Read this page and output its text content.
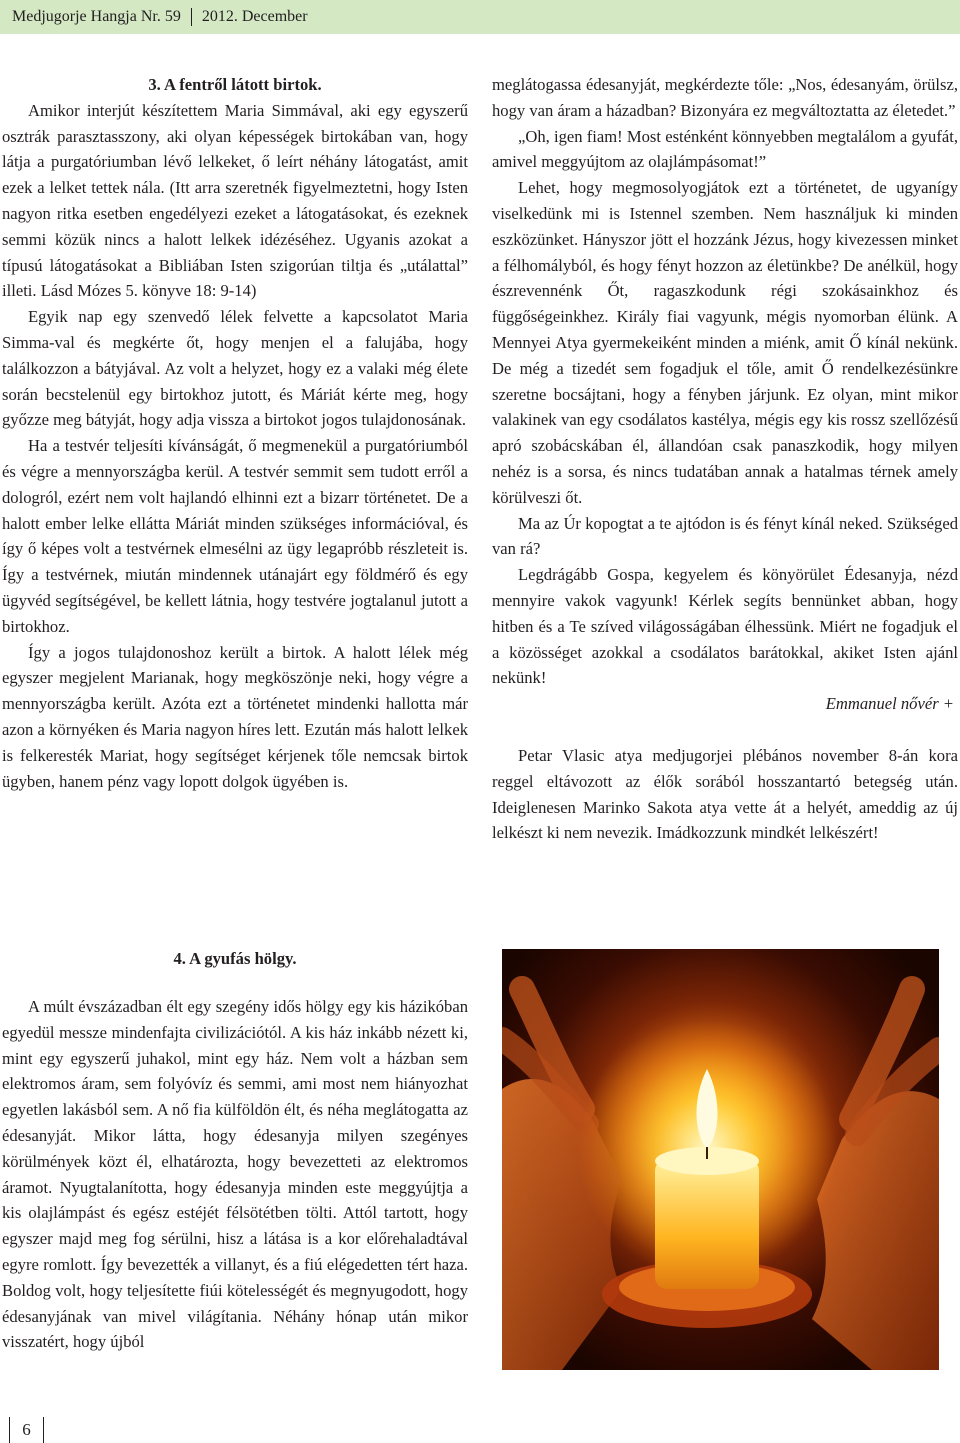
Medjugorje Hangja Nr. 59 2012. December

3. A fentről látott birtok.

Amikor interjút készítettem Maria Simmával, aki egy egyszerű osztrák parasztasszony, aki olyan képességek birtokában van, hogy látja a purgatóriumban lévő lelkeket, ő leírt néhány látogatást, amit ezek a lelket tettek nála. (Itt arra szeretnék figyelmeztetni, hogy Isten nagyon ritka esetben engedélyezi ezeket a látogatásokat, és ezeknek semmi közük nincs a halott lelkek idézéséhez. Ugyanis azokat a típusú látogatásokat a Bibliában Isten szigorúan tiltja és „utálattal” illeti. Lásd Mózes 5. könyve 18: 9-14)

Egyik nap egy szenvedő lélek felvette a kapcsolatot Maria Simma-val és megkérte őt, hogy menjen el a falujába, hogy találkozzon a bátyjával. Az volt a helyzet, hogy ez a valaki még élete során becstelenül egy birtokhoz jutott, és Máriát kérte meg, hogy győzze meg bátyját, hogy adja vissza a birtokot jogos tulajdonosának.

Ha a testvér teljesíti kívánságát, ő megmenekül a purgatóriumból és végre a mennyországba kerül. A testvér semmit sem tudott erről a dologról, ezért nem volt hajlandó elhinni ezt a bizarr történetet. De a halott ember lelke ellátta Máriát minden szükséges információval, és így ő képes volt a testvérnek elmesélni az ügy legapróbb részleteit is. Így a testvérnek, miután mindennek utánajárt egy földmérő és egy ügyvéd segítségével, be kellett látnia, hogy testvére jogtalanul jutott a birtokhoz.

Így a jogos tulajdonoshoz került a birtok. A halott lélek még egyszer megjelent Marianak, hogy megköszönje neki, hogy végre a mennyországba került. Azóta ezt a történetet mindenki hallotta már azon a környéken és Maria nagyon híres lett. Ezután más halott lelkek is felkeresték Mariat, hogy segítséget kérjenek tőle nemcsak birtok ügyben, hanem pénz vagy lopott dolgok ügyében is.

4. A gyufás hölgy.

A múlt évszázadban élt egy szegény idős hölgy egy kis házikóban egyedül messze mindenfajta civilizációtól. A kis ház inkább nézett ki, mint egy egyszerű juhakol, mint egy ház. Nem volt a házban sem elektromos áram, sem folyóvíz és semmi, ami most nem hiányozhat egyetlen lakásból sem. A nő fia külföldön élt, és néha meglátogatta az édesanyját. Mikor látta, hogy édesanyja milyen szegényes körülmények közt él, elhatározta, hogy bevezetteti az elektromos áramot. Nyugtalanította, hogy édesanyja minden este meggyújtja a kis olajlámpást és egész estéjét félsötétben tölti. Attól tartott, hogy egyszer majd meg fog sérülni, hisz a látása is a kor előrehaladtával egyre romlott. Így bevezették a villanyt, és a fiú elégedetten tért haza. Boldog volt, hogy teljesítette fiúi kötelességét és megnyugodott, hogy édesanyjának van mivel világítania. Néhány hónap után mikor visszatért, hogy újból

meglátogassa édesanyját, megkérdezte tőle: „Nos, édesanyám, örülsz, hogy van áram a házadban? Bizonyára ez megváltoztatta az életedet.”

„Oh, igen fiam! Most esténként könnyebben megtalálom a gyufát, amivel meggyújtom az olajlámpásomat!”

Lehet, hogy megmosolyogjátok ezt a történetet, de ugyanígy viselkedünk mi is Istennel szemben. Nem használjuk ki minden eszközünket. Hányszor jött el hozzánk Jézus, hogy kivezessen minket a félhomályból, és hogy fényt hozzon az életünkbe? De anélkül, hogy észrevennénk Őt, ragaszkodunk régi szokásainkhoz és függőségeinkhez. Király fiai vagyunk, mégis nyomorban élünk. A Mennyei Atya gyermekeiként minden a miénk, amit Ő kínál nekünk. De még a tizedét sem fogadjuk el tőle, amit Ő rendelkezésünkre szeretne bocsájtani, hogy a fényben járjunk. Ez olyan, mint mikor valakinek van egy csodálatos kastélya, mégis egy kis rossz szellőzésű apró szobácskában él, állandóan csak panaszkodik, hogy milyen nehéz is a sorsa, és nincs tudatában annak a hatalmas térnek amely körülveszi őt.

Ma az Úr kopogtat a te ajtódon is és fényt kínál neked. Szükséged van rá?

Legdrágább Gospa, kegyelem és könyörület Édesanyja, nézd mennyire vakok vagyunk! Kérlek segíts bennünket abban, hogy hitben és a Te szíved világosságában élhessünk. Miért ne fogadjuk el a közösséget azokkal a csodálatos barátokkal, akiket Isten ajánl nekünk!

Emmanuel nővér +

Petar Vlasic atya medjugorjei plébános november 8-án kora reggel eltávozott az élők sorából hosszantartó betegség után. Ideiglenesen Marinko Sakota atya vette át a helyét, ameddig az új lelkészt ki nem nevezik. Imádkozzunk mindkét lelkészért!

6
